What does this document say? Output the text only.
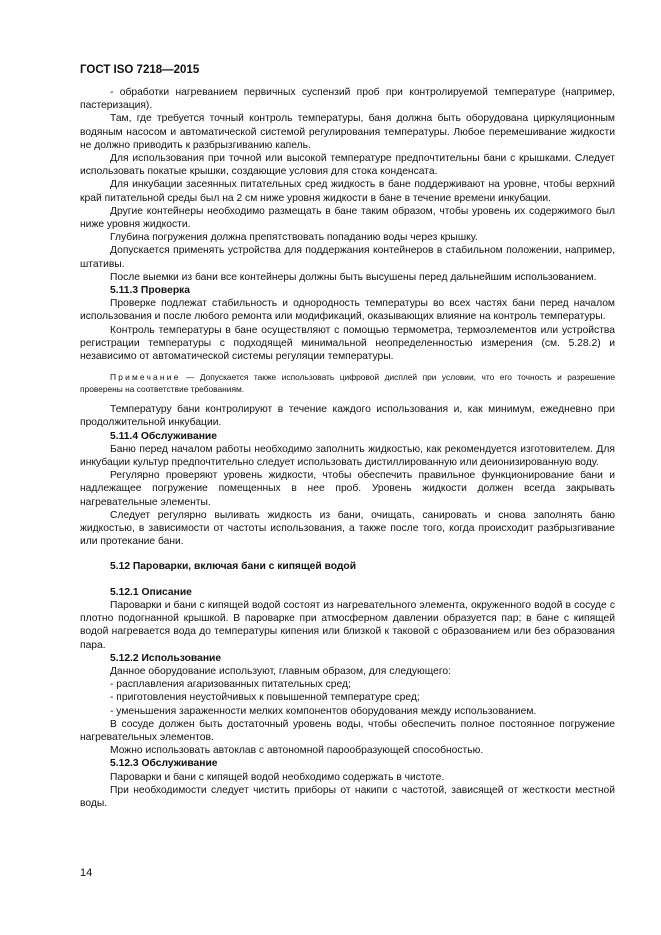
ГОСТ ISO 7218—2015

- обработки нагреванием первичных суспензий проб при контролируемой температуре (например, пастеризация).

Там, где требуется точный контроль температуры, баня должна быть оборудована циркуляционным водяным насосом и автоматической системой регулирования температуры. Любое перемешивание жидкости не должно приводить к разбрызгиванию капель.

Для использования при точной или высокой температуре предпочтительны бани с крышками. Следует использовать покатые крышки, создающие условия для стока конденсата.

Для инкубации засеянных питательных сред жидкость в бане поддерживают на уровне, чтобы верхний край питательной среды был на 2 см ниже уровня жидкости в бане в течение времени инкубации.

Другие контейнеры необходимо размещать в бане таким образом, чтобы уровень их содержимого был ниже уровня жидкости.

Глубина погружения должна препятствовать попаданию воды через крышку.

Допускается применять устройства для поддержания контейнеров в стабильном положении, например, штативы.

После выемки из бани все контейнеры должны быть высушены перед дальнейшим использованием.

5.11.3 Проверка

Проверке подлежат стабильность и однородность температуры во всех частях бани перед началом использования и после любого ремонта или модификаций, оказывающих влияние на контроль температуры.

Контроль температуры в бане осуществляют с помощью термометра, термоэлементов или устройства регистрации температуры с подходящей минимальной неопределенностью измерения (см. 5.28.2) и независимо от автоматической системы регуляции температуры.

Примечание — Допускается также использовать цифровой дисплей при условии, что его точность и разрешение проверены на соответствие требованиям.

Температуру бани контролируют в течение каждого использования и, как минимум, ежедневно при продолжительной инкубации.

5.11.4 Обслуживание

Баню перед началом работы необходимо заполнить жидкостью, как рекомендуется изготовителем. Для инкубации культур предпочтительно следует использовать дистиллированную или деионизированную воду.

Регулярно проверяют уровень жидкости, чтобы обеспечить правильное функционирование бани и надлежащее погружение помещенных в нее проб. Уровень жидкости должен всегда закрывать нагревательные элементы.

Следует регулярно выливать жидкость из бани, очищать, санировать и снова заполнять баню жидкостью, в зависимости от частоты использования, а также после того, когда происходит разбрызгивание или протекание бани.

5.12 Пароварки, включая бани с кипящей водой
5.12.1 Описание

Пароварки и бани с кипящей водой состоят из нагревательного элемента, окруженного водой в сосуде с плотно подогнанной крышкой. В пароварке при атмосферном давлении образуется пар; в бане с кипящей водой нагревается вода до температуры кипения или близкой к таковой с образованием или без образования пара.

5.12.2 Использование

Данное оборудование используют, главным образом, для следующего:

- расплавления агаризованных питательных сред;

- приготовления неустойчивых к повышенной температуре сред;

- уменьшения зараженности мелких компонентов оборудования между использованием.

В сосуде должен быть достаточный уровень воды, чтобы обеспечить полное постоянное погружение нагревательных элементов.

Можно использовать автоклав с автономной парообразующей способностью.

5.12.3 Обслуживание

Пароварки и бани с кипящей водой необходимо содержать в чистоте.

При необходимости следует чистить приборы от накипи с частотой, зависящей от жесткости местной воды.

14
